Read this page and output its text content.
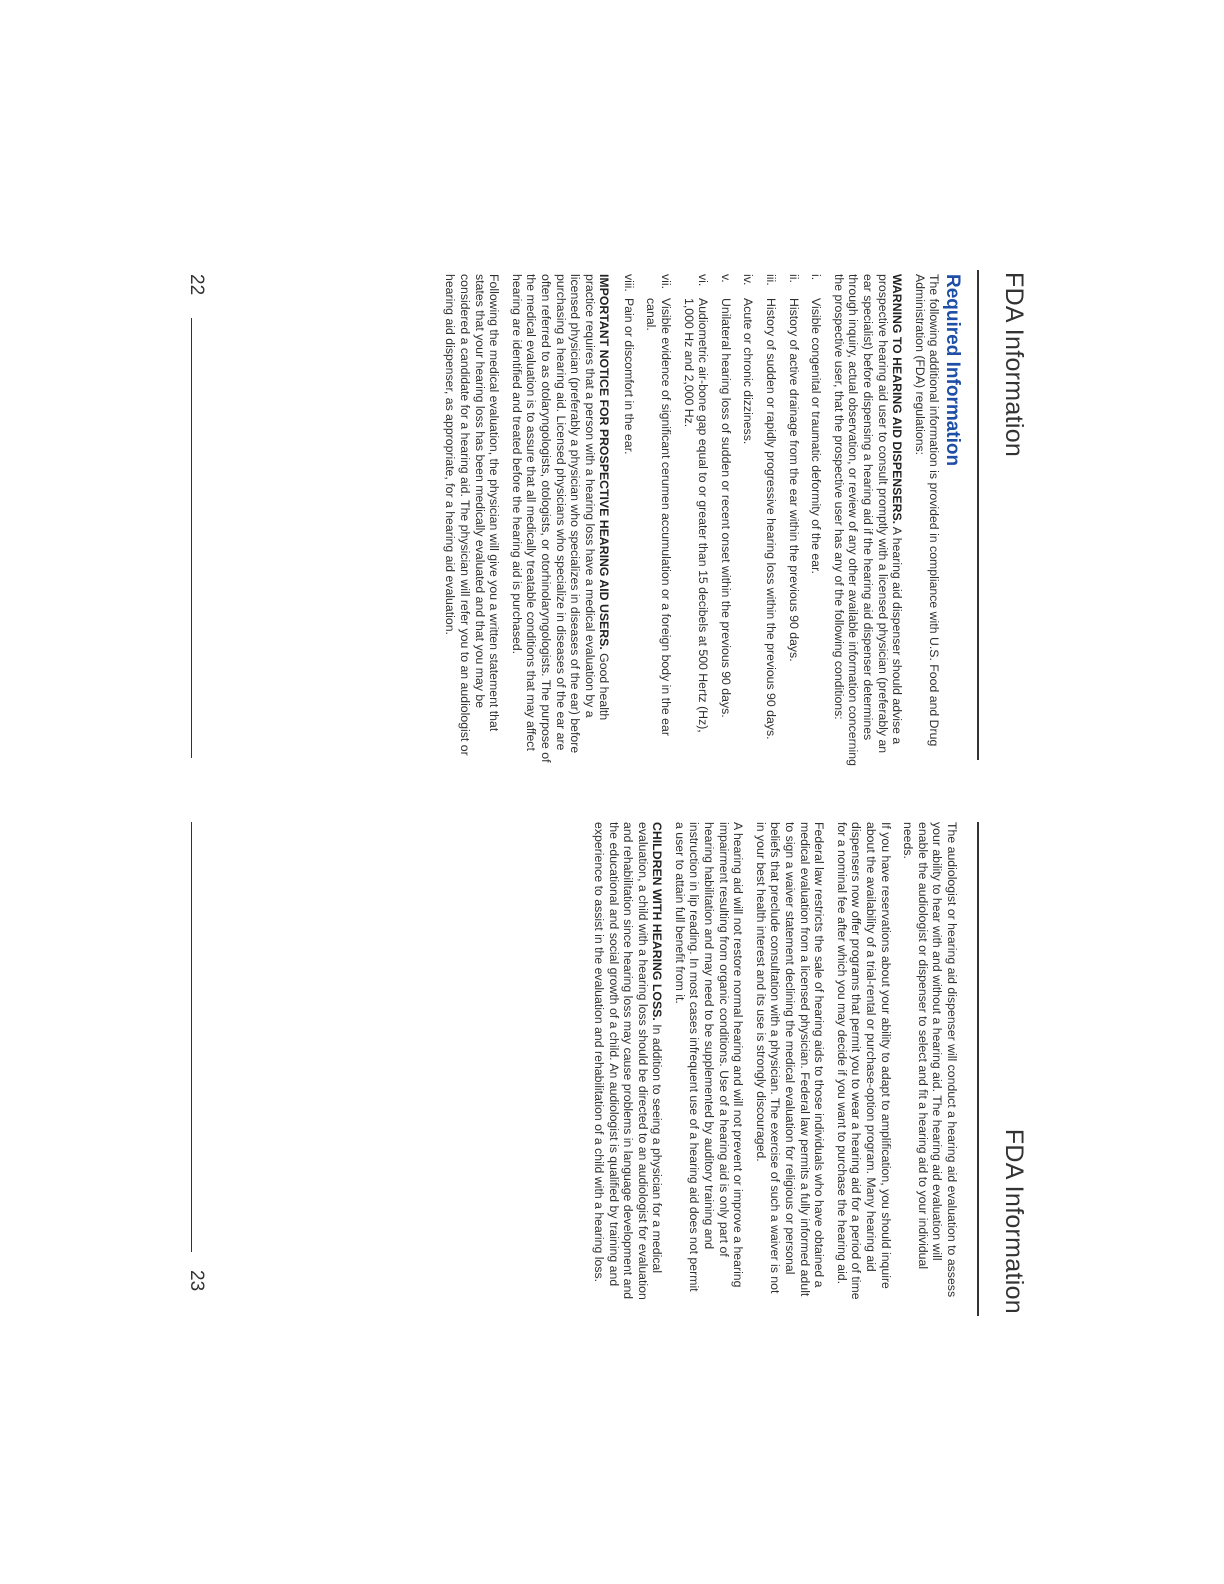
FDA Information
Required Information

The following additional information is provided in compliance with U.S. Food and Drug Administration (FDA) regulations:

WARNING TO HEARING AID DISPENSERS. A hearing aid dispenser should advise a prospective hearing aid user to consult promptly with a licensed physician (preferably an ear specialist) before dispensing a hearing aid if the hearing aid dispenser determines through inquiry, actual observation, or review of any other available information concerning the prospective user, that the prospective user has any of the following conditions:

i.
Visible congenital or traumatic deformity of the ear.
ii.
History of active drainage from the ear within the previous 90 days.
iii.
History of sudden or rapidly progressive hearing loss within the previous 90 days.
iv.
Acute or chronic dizziness.
v.
Unilateral hearing loss of sudden or recent onset within the previous 90 days.
vi.
Audiometric air-bone gap equal to or greater than 15 decibels at 500 Hertz (Hz), 1,000 Hz and 2,000 Hz.
vii.
Visible evidence of significant cerumen accumulation or a foreign body in the ear canal.
viii.
Pain or discomfort in the ear.

IMPORTANT NOTICE FOR PROSPECTIVE HEARING AID USERS. Good health practice requires that a person with a hearing loss have a medical evaluation by a licensed physician (preferably a physician who specializes in diseases of the ear) before purchasing a hearing aid. Licensed physicians who specialize in diseases of the ear are often referred to as otolaryngologists, otologists, or otorhinolaryngologists. The purpose of the medical evaluation is to assure that all medically treatable conditions that may affect hearing are identified and treated before the hearing aid is purchased.

Following the medical evaluation, the physician will give you a written statement that states that your hearing loss has been medically evaluated and that you may be considered a candidate for a hearing aid. The physician will refer you to an audiologist or hearing aid dispenser, as appropriate, for a hearing aid evaluation.

22
FDA Information

The audiologist or hearing aid dispenser will conduct a hearing aid evaluation to assess your ability to hear with and without a hearing aid. The hearing aid evaluation will enable the audiologist or dispenser to select and fit a hearing aid to your individual needs.

If you have reservations about your ability to adapt to amplification, you should inquire about the availability of a trial-rental or purchase-option program. Many hearing aid dispensers now offer programs that permit you to wear a hearing aid for a period of time for a nominal fee after which you may decide if you want to purchase the hearing aid.

Federal law restricts the sale of hearing aids to those individuals who have obtained a medical evaluation from a licensed physician. Federal law permits a fully informed adult to sign a waiver statement declining the medical evaluation for religious or personal beliefs that preclude consultation with a physician. The exercise of such a waiver is not in your best health interest and its use is strongly discouraged.

A hearing aid will not restore normal hearing and will not prevent or improve a hearing impairment resulting from organic conditions. Use of a hearing aid is only part of hearing habilitation and may need to be supplemented by auditory training and instruction in lip reading. In most cases infrequent use of a hearing aid does not permit a user to attain full benefit from it.

CHILDREN WITH HEARING LOSS. In addition to seeing a physician for a medical evaluation, a child with a hearing loss should be directed to an audiologist for evaluation and rehabilitation since hearing loss may cause problems in language development and the educational and social growth of a child. An audiologist is qualified by training and experience to assist in the evaluation and rehabilitation of a child with a hearing loss.

23
